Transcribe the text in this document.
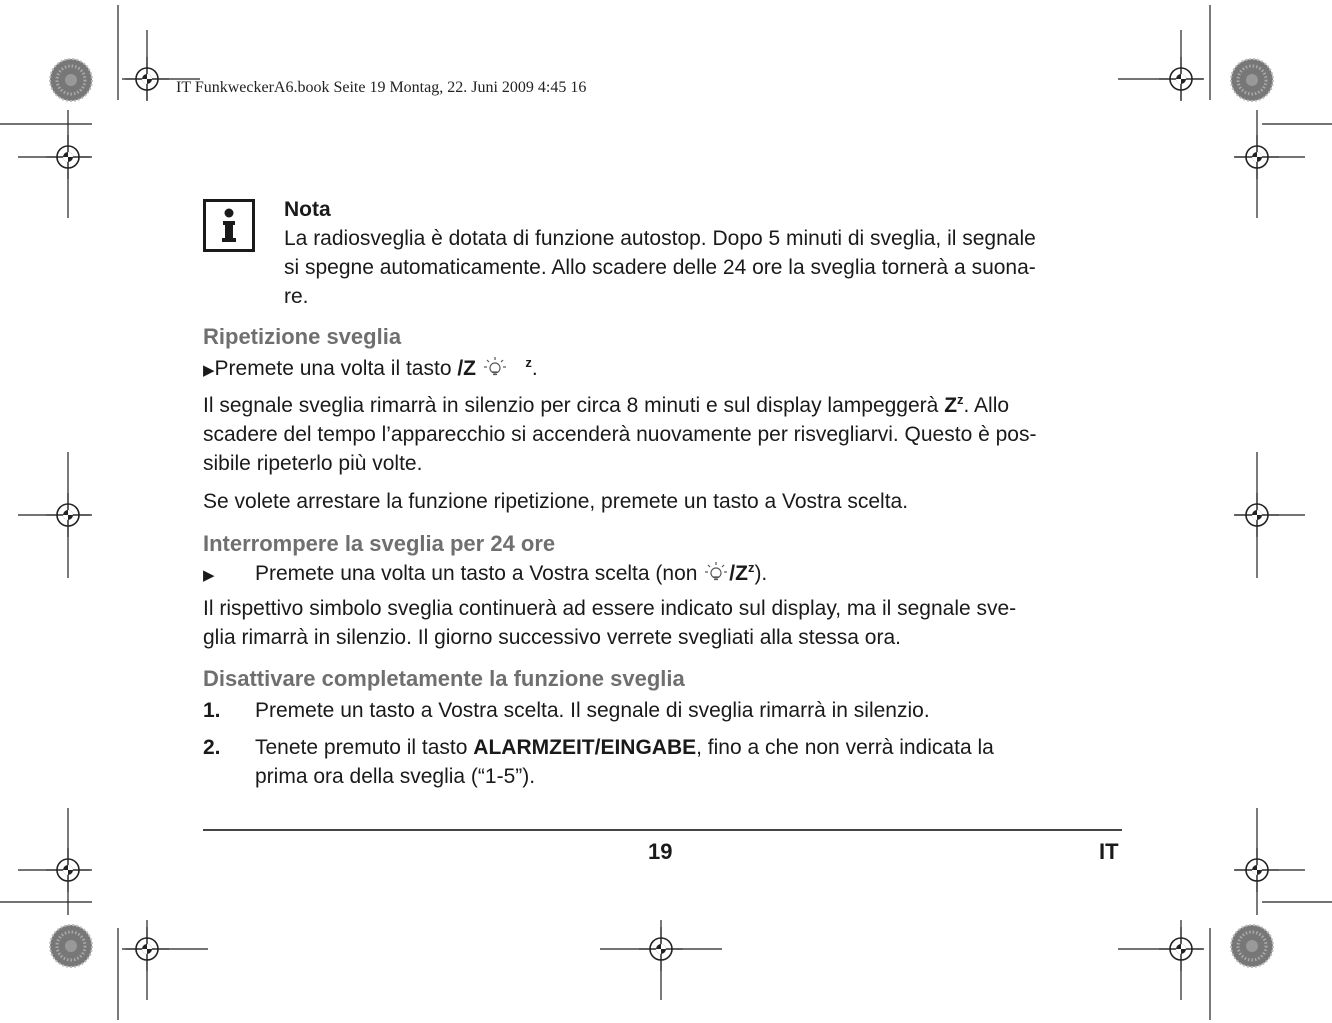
IT FunkweckerA6.book Seite 19 Montag, 22. Juni 2009 4:45 16
Nota
La radiosveglia è dotata di funzione autostop. Dopo 5 minuti di sveglia, il segnale
si spegne automaticamente. Allo scadere delle 24 ore la sveglia tornerà a suona-
re.
Ripetizione sveglia
▶Premete una volta il tasto /Z	$^z$.
Il segnale sveglia rimarrà in silenzio per circa 8 minuti e sul display lampeggerà $Z^z$. Allo
scadere del tempo l’apparecchio si accenderà nuovamente per risvegliarvi. Questo è pos-
sibile ripeterlo più volte.
Se volete arrestare la funzione ripetizione, premete un tasto a Vostra scelta.
Interrompere la sveglia per 24 ore
▶ Premete una volta un tasto a Vostra scelta (non $/Z^z$).
Il rispettivo simbolo sveglia continuerà ad essere indicato sul display, ma il segnale sve-
glia rimarrà in silenzio. Il giorno successivo verrete svegliati alla stessa ora.
Disattivare completamente la funzione sveglia
1. Premete un tasto a Vostra scelta. Il segnale di sveglia rimarrà in silenzio.
2. Tenete premuto il tasto ALARMZEIT/EINGABE, fino a che non verrà indicata la
prima ora della sveglia (“1-5”).
19	IT
